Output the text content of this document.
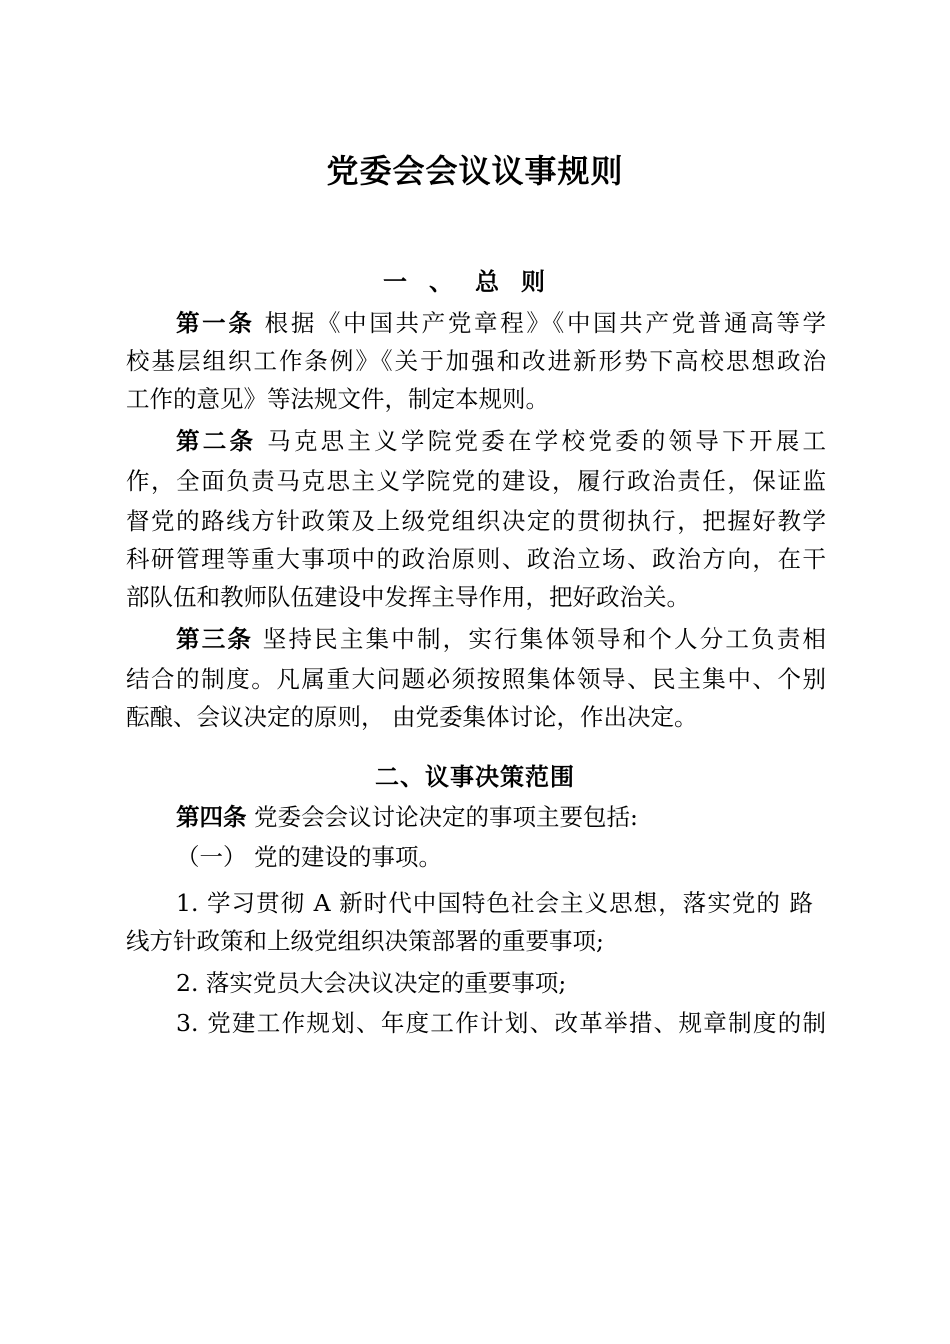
党委会会议议事规则
一、总则

第一条 根据《中国共产党章程》《中国共产党普通高等学

校基层组织工作条例》《关于加强和改进新形势下高校思想政治

工作的意见》等法规文件，制定本规则。

第二条 马克思主义学院党委在学校党委的领导下开展工

作，全面负责马克思主义学院党的建设，履行政治责任，保证监

督党的路线方针政策及上级党组织决定的贯彻执行，把握好教学

科研管理等重大事项中的政治原则、政治立场、政治方向，在干

部队伍和教师队伍建设中发挥主导作用，把好政治关。

第三条 坚持民主集中制，实行集体领导和个人分工负责相

结合的制度。凡属重大问题必须按照集体领导、民主集中、个别

酝酿、会议决定的原则， 由党委集体讨论，作出决定。

二、议事决策范围

第四条 党委会会议讨论决定的事项主要包括:

（一） 党的建设的事项。

1. 学习贯彻 A 新时代中国特色社会主义思想，落实党的 路

线方针政策和上级党组织决策部署的重要事项;

2. 落实党员大会决议决定的重要事项;

3. 党建工作规划、年度工作计划、改革举措、规章制度的制
